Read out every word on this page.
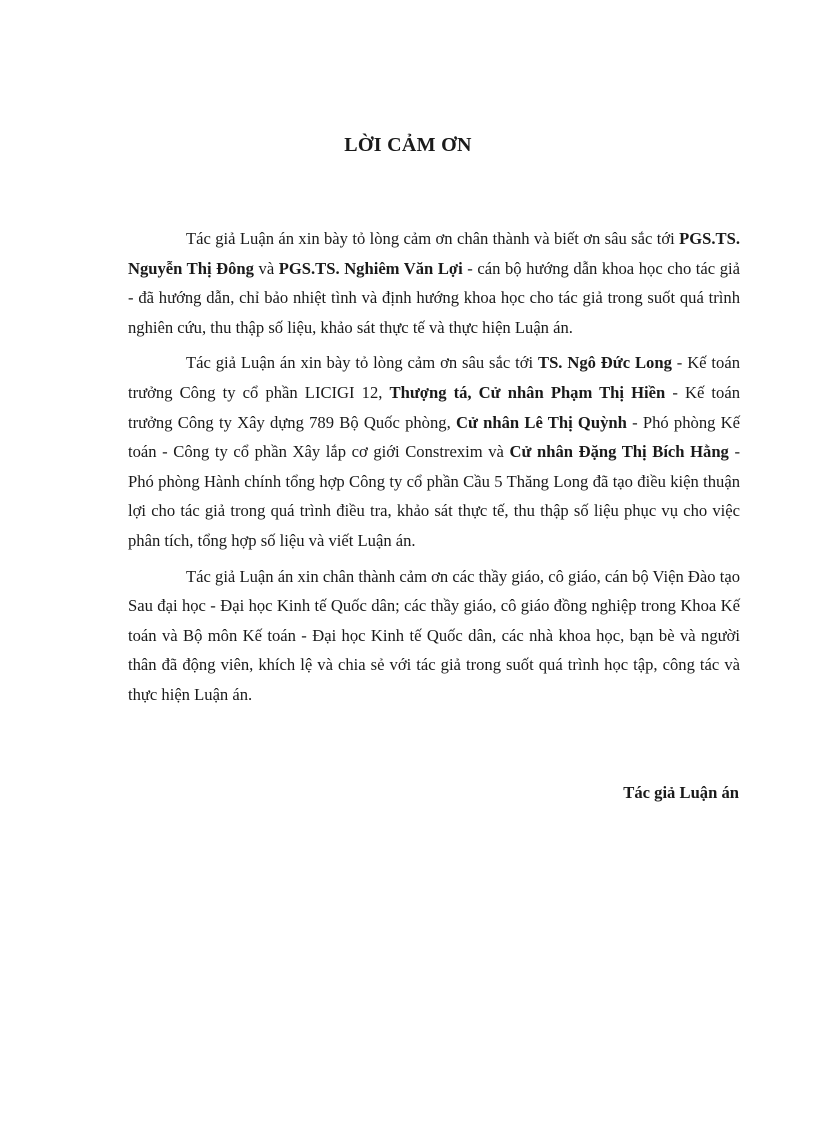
LỜI CẢM ƠN

Tác giả Luận án xin bày tỏ lòng cảm ơn chân thành và biết ơn sâu sắc tới PGS.TS. Nguyễn Thị Đông và PGS.TS. Nghiêm Văn Lợi - cán bộ hướng dẫn khoa học cho tác giả - đã hướng dẫn, chỉ bảo nhiệt tình và định hướng khoa học cho tác giả trong suốt quá trình nghiên cứu, thu thập số liệu, khảo sát thực tế và thực hiện Luận án.

Tác giả Luận án xin bày tỏ lòng cảm ơn sâu sắc tới TS. Ngô Đức Long - Kế toán trưởng Công ty cổ phần LICIGI 12, Thượng tá, Cử nhân Phạm Thị Hiền - Kế toán trưởng Công ty Xây dựng 789 Bộ Quốc phòng, Cử nhân Lê Thị Quỳnh - Phó phòng Kế toán - Công ty cổ phần Xây lắp cơ giới Constrexim và Cử nhân Đặng Thị Bích Hằng - Phó phòng Hành chính tổng hợp Công ty cổ phần Cầu 5 Thăng Long đã tạo điều kiện thuận lợi cho tác giả trong quá trình điều tra, khảo sát thực tế, thu thập số liệu phục vụ cho việc phân tích, tổng hợp số liệu và viết Luận án.

Tác giả Luận án xin chân thành cảm ơn các thầy giáo, cô giáo, cán bộ Viện Đào tạo Sau đại học - Đại học Kinh tế Quốc dân; các thầy giáo, cô giáo đồng nghiệp trong Khoa Kế toán và Bộ môn Kế toán - Đại học Kinh tế Quốc dân, các nhà khoa học, bạn bè và người thân đã động viên, khích lệ và chia sẻ với tác giả trong suốt quá trình học tập, công tác và thực hiện Luận án.

Tác giả Luận án
